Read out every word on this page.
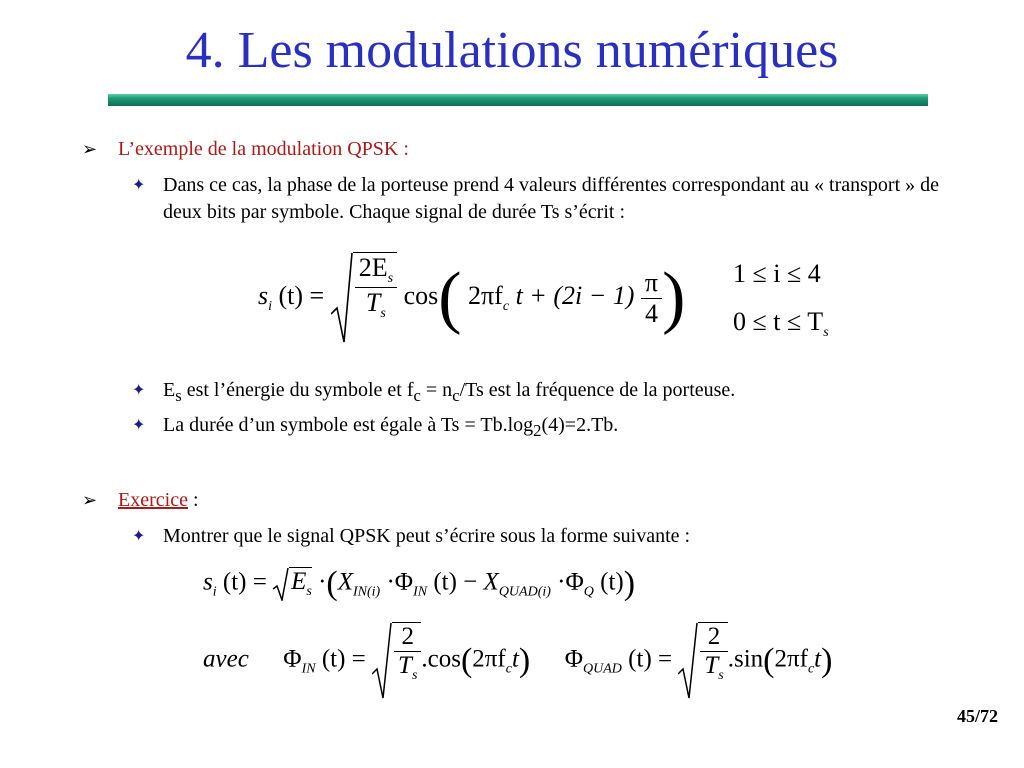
4. Les modulations numériques
➢ L’exemple de la modulation QPSK :
✦ Dans ce cas, la phase de la porteuse prend 4 valeurs différentes correspondant au « transport » de deux bits par symbole. Chaque signal de durée Ts s’écrit :
$s_i$ $(t) = \frac{2E_s}{T_s} \cos$( $2\pi f_c$ $t + (2i - 1) \frac{\pi}{4}$ ) 1 ≤ i ≤ 4
$0 \le t \le T_s$
✦ $E_s$ est l’énergie du symbole et $f_c = n_c/Ts$ est la fréquence de la porteuse.
✦ La durée d’un symbole est égale à $Ts = Tb.\log_2(4)=2.Tb$.
➢ Exercice :
✦ Montrer que le signal QPSK peut s’écrire sous la forme suivante :
$s_i$ $(t) = E_s \cdot(X_{IN(i)} \cdot\Phi_{IN}$ $(t) - X_{QUAD(i)} \cdot\Phi_Q$ (t))
avec $\Phi_{IN}$ $(t) = \frac{2}{T_s} .\cos(2\pi f_ct)$ $\Phi_{QUAD}$ $(t) = \frac{2}{T_s} .\sin(2\pi f_ct)$
45/72
